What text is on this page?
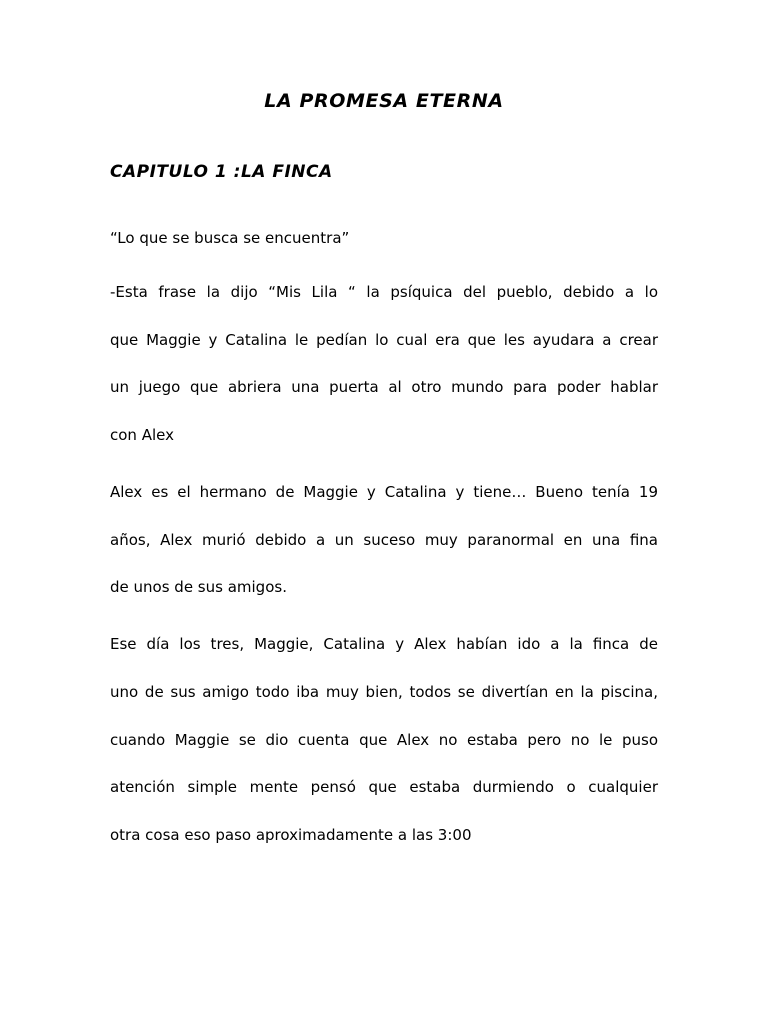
LA PROMESA ETERNA
CAPITULO 1 :LA FINCA

“Lo que se busca se encuentra”

-Esta frase la dijo “Mis Lila “ la psíquica del pueblo, debido a lo

que Maggie y Catalina le pedían lo cual era que les ayudara a crear

un juego que abriera una puerta al otro mundo para poder hablar

con Alex

Alex es el hermano de Maggie y Catalina y tiene… Bueno tenía 19

años, Alex murió debido a un suceso muy paranormal en una fina

de unos de sus amigos.

Ese día los tres, Maggie, Catalina y Alex habían ido a la finca de

uno de sus amigo todo iba muy bien, todos se divertían en la piscina,

cuando Maggie se dio cuenta que Alex no estaba pero no le puso

atención simple mente pensó que estaba durmiendo o cualquier

otra cosa eso paso aproximadamente a las 3:00
